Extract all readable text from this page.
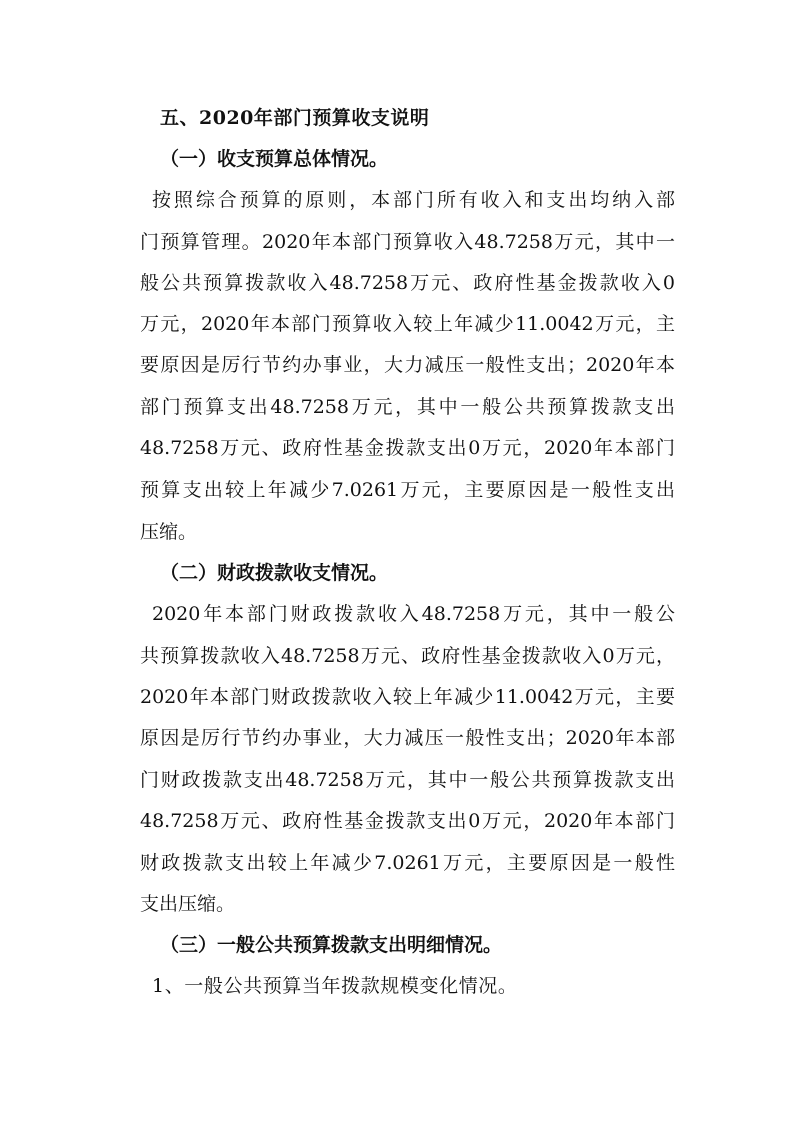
五、2020年部门预算收支说明
（一）收支预算总体情况。
按照综合预算的原则，本部门所有收入和支出均纳入部
门预算管理。2020年本部门预算收入48.7258万元，其中一
般公共预算拨款收入48.7258万元、政府性基金拨款收入0
万元，2020年本部门预算收入较上年减少11.0042万元，主
要原因是厉行节约办事业，大力减压一般性支出；2020年本
部门预算支出48.7258万元，其中一般公共预算拨款支出
48.7258万元、政府性基金拨款支出0万元，2020年本部门
预算支出较上年减少7.0261万元，主要原因是一般性支出
压缩。
（二）财政拨款收支情况。
2020年本部门财政拨款收入48.7258万元，其中一般公
共预算拨款收入48.7258万元、政府性基金拨款收入0万元，
2020年本部门财政拨款收入较上年减少11.0042万元，主要
原因是厉行节约办事业，大力减压一般性支出；2020年本部
门财政拨款支出48.7258万元，其中一般公共预算拨款支出
48.7258万元、政府性基金拨款支出0万元，2020年本部门
财政拨款支出较上年减少7.0261万元，主要原因是一般性
支出压缩。
（三）一般公共预算拨款支出明细情况。
1、一般公共预算当年拨款规模变化情况。
